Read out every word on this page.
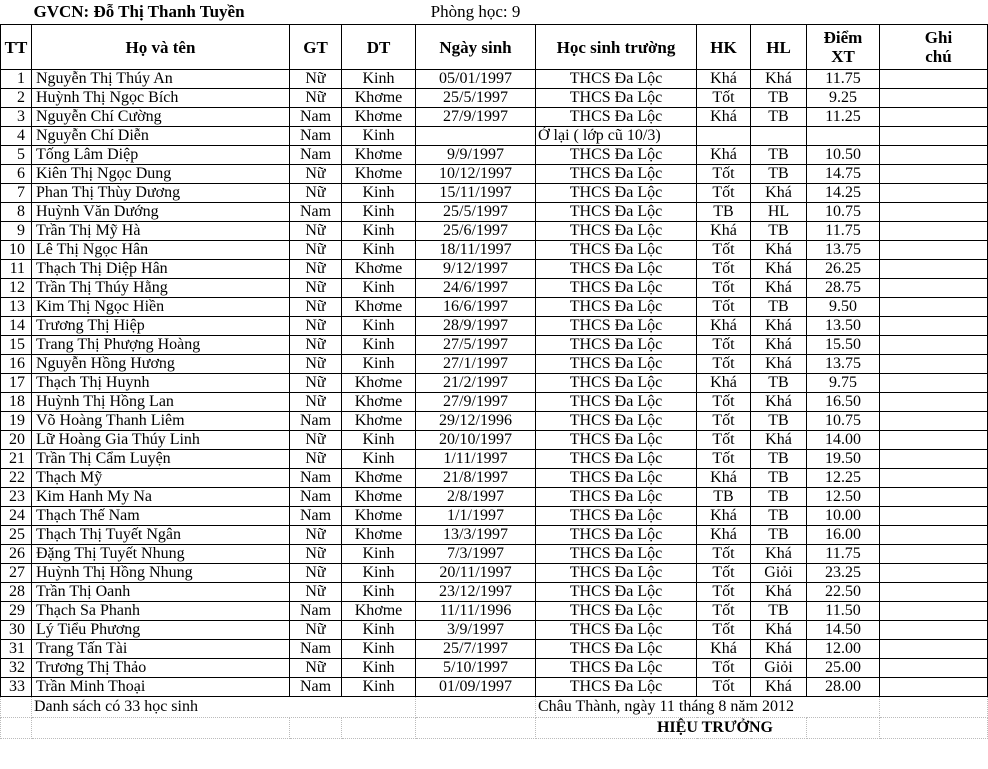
	GVCN: Đỗ Thị Thanh Tuyền			Phòng học: 9					
TT	Họ và tên	GT	DT	Ngày sinh	Học sinh trường	HK	HL	Điểm XT	Ghi chú
1	Nguyễn Thị Thúy An	Nữ	Kinh	05/01/1997	THCS Đa Lộc	Khá	Khá	11.75	
2	Huỳnh Thị Ngọc Bích	Nữ	Khơme	25/5/1997	THCS Đa Lộc	Tốt	TB	9.25	
3	Nguyễn Chí Cường	Nam	Khơme	27/9/1997	THCS Đa Lộc	Khá	TB	11.25	
4	Nguyễn Chí Diễn	Nam	Kinh		Ở lại ( lớp cũ 10/3)				
5	Tống Lâm Diệp	Nam	Khơme	9/9/1997	THCS Đa Lộc	Khá	TB	10.50	
6	Kiên Thị Ngọc Dung	Nữ	Khơme	10/12/1997	THCS Đa Lộc	Tốt	TB	14.75	
7	Phan Thị Thùy Dương	Nữ	Kinh	15/11/1997	THCS Đa Lộc	Tốt	Khá	14.25	
8	Huỳnh Văn Dướng	Nam	Kinh	25/5/1997	THCS Đa Lộc	TB	HL	10.75	
9	Trần Thị Mỹ Hà	Nữ	Kinh	25/6/1997	THCS Đa Lộc	Khá	TB	11.75	
10	Lê Thị Ngọc Hân	Nữ	Kinh	18/11/1997	THCS Đa Lộc	Tốt	Khá	13.75	
11	Thạch Thị Diệp Hân	Nữ	Khơme	9/12/1997	THCS Đa Lộc	Tốt	Khá	26.25	
12	Trần Thị Thúy Hằng	Nữ	Kinh	24/6/1997	THCS Đa Lộc	Tốt	Khá	28.75	
13	Kim Thị Ngọc Hiền	Nữ	Khơme	16/6/1997	THCS Đa Lộc	Tốt	TB	9.50	
14	Trương Thị Hiệp	Nữ	Kinh	28/9/1997	THCS Đa Lộc	Khá	Khá	13.50	
15	Trang Thị Phượng Hoàng	Nữ	Kinh	27/5/1997	THCS Đa Lộc	Tốt	Khá	15.50	
16	Nguyễn Hồng Hương	Nữ	Kinh	27/1/1997	THCS Đa Lộc	Tốt	Khá	13.75	
17	Thạch Thị Huynh	Nữ	Khơme	21/2/1997	THCS Đa Lộc	Khá	TB	9.75	
18	Huỳnh Thị Hồng Lan	Nữ	Khơme	27/9/1997	THCS Đa Lộc	Tốt	Khá	16.50	
19	Võ Hoàng Thanh Liêm	Nam	Khơme	29/12/1996	THCS Đa Lộc	Tốt	TB	10.75	
20	Lữ Hoàng Gia Thúy Linh	Nữ	Kinh	20/10/1997	THCS Đa Lộc	Tốt	Khá	14.00	
21	Trần Thị Cẩm Luyện	Nữ	Kinh	1/11/1997	THCS Đa Lộc	Tốt	TB	19.50	
22	Thạch Mỹ	Nam	Khơme	21/8/1997	THCS Đa Lộc	Khá	TB	12.25	
23	Kim Hanh My Na	Nam	Khơme	2/8/1997	THCS Đa Lộc	TB	TB	12.50	
24	Thạch Thế Nam	Nam	Khơme	1/1/1997	THCS Đa Lộc	Khá	TB	10.00	
25	Thạch Thị Tuyết Ngân	Nữ	Khơme	13/3/1997	THCS Đa Lộc	Khá	TB	16.00	
26	Đặng Thị Tuyết Nhung	Nữ	Kinh	7/3/1997	THCS Đa Lộc	Tốt	Khá	11.75	
27	Huỳnh Thị Hồng Nhung	Nữ	Kinh	20/11/1997	THCS Đa Lộc	Tốt	Giỏi	23.25	
28	Trần Thị Oanh	Nữ	Kinh	23/12/1997	THCS Đa Lộc	Tốt	Khá	22.50	
29	Thạch Sa Phanh	Nam	Khơme	11/11/1996	THCS Đa Lộc	Tốt	TB	11.50	
30	Lý Tiểu Phương	Nữ	Kinh	3/9/1997	THCS Đa Lộc	Tốt	Khá	14.50	
31	Trang Tấn Tài	Nam	Kinh	25/7/1997	THCS Đa Lộc	Khá	Khá	12.00	
32	Trương Thị Thảo	Nữ	Kinh	5/10/1997	THCS Đa Lộc	Tốt	Giỏi	25.00	
33	Trần Minh Thoại	Nam	Kinh	01/09/1997	THCS Đa Lộc	Tốt	Khá	28.00	
	Danh sách có 33 học sinh				Châu Thành, ngày 11 tháng 8 năm 2012				
					HIỆU TRƯỞNG				
